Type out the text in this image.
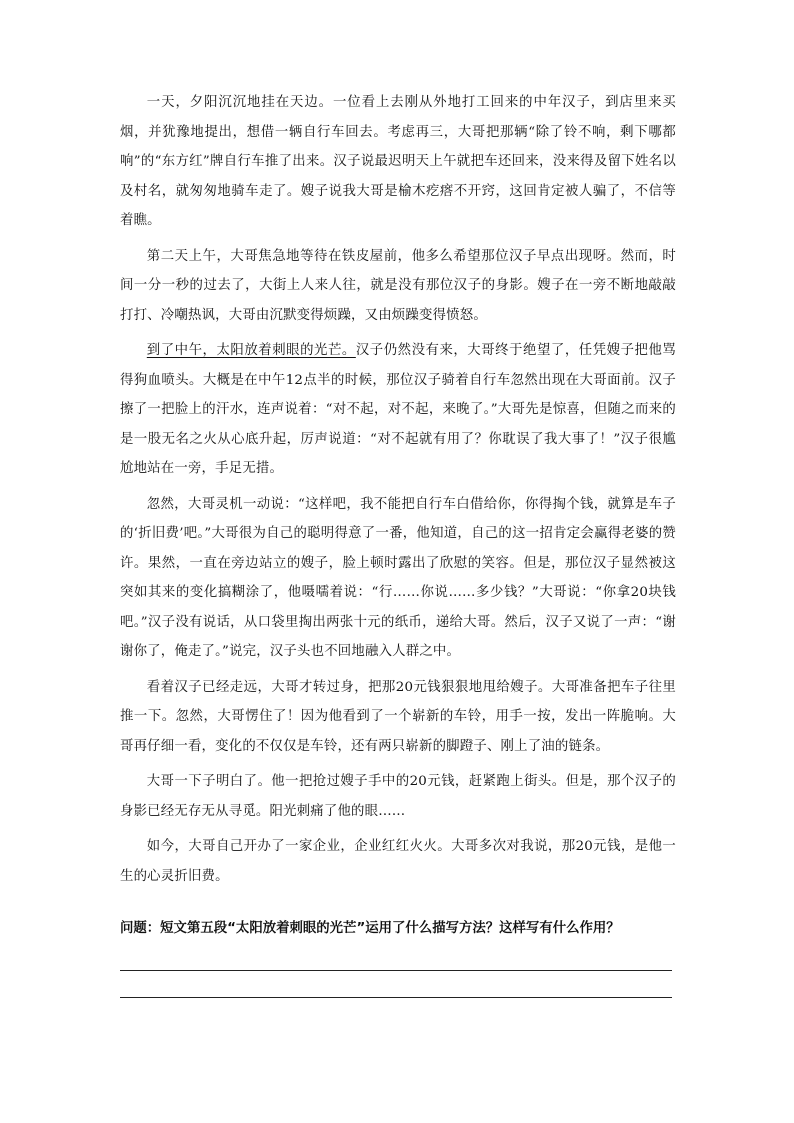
一天，夕阳沉沉地挂在天边。一位看上去刚从外地打工回来的中年汉子，到店里来买烟，并犹豫地提出，想借一辆自行车回去。考虑再三，大哥把那辆“除了铃不响，剩下哪都响”的“东方红”牌自行车推了出来。汉子说最迟明天上午就把车还回来，没来得及留下姓名以及村名，就匆匆地骑车走了。嫂子说我大哥是榆木疙瘩不开窍，这回肯定被人骗了，不信等着瞧。

第二天上午，大哥焦急地等待在铁皮屋前，他多么希望那位汉子早点出现呀。然而，时间一分一秒的过去了，大街上人来人往，就是没有那位汉子的身影。嫂子在一旁不断地敲敲打打、冷嘲热讽，大哥由沉默变得烦躁，又由烦躁变得愤怒。

到了中午，太阳放着刺眼的光芒。汉子仍然没有来，大哥终于绝望了，任凭嫂子把他骂得狗血喷头。大概是在中午12点半的时候，那位汉子骑着自行车忽然出现在大哥面前。汉子擦了一把脸上的汗水，连声说着：“对不起，对不起，来晚了。”大哥先是惊喜，但随之而来的是一股无名之火从心底升起，厉声说道：“对不起就有用了？你耽误了我大事了！”汉子很尴尬地站在一旁，手足无措。

忽然，大哥灵机一动说：“这样吧，我不能把自行车白借给你，你得掏个钱，就算是车子的‘折旧费’吧。”大哥很为自己的聪明得意了一番，他知道，自己的这一招肯定会赢得老婆的赞许。果然，一直在旁边站立的嫂子，脸上顿时露出了欣慰的笑容。但是，那位汉子显然被这突如其来的变化搞糊涂了，他嗫嚅着说：“行……你说……多少钱？”大哥说：“你拿20块钱吧。”汉子没有说话，从口袋里掏出两张十元的纸币，递给大哥。然后，汉子又说了一声：“谢谢你了，俺走了。”说完，汉子头也不回地融入人群之中。

看着汉子已经走远，大哥才转过身，把那20元钱狠狠地甩给嫂子。大哥准备把车子往里推一下。忽然，大哥愣住了！因为他看到了一个崭新的车铃，用手一按，发出一阵脆响。大哥再仔细一看，变化的不仅仅是车铃，还有两只崭新的脚蹬子、刚上了油的链条。

大哥一下子明白了。他一把抢过嫂子手中的20元钱，赶紧跑上街头。但是，那个汉子的身影已经无存无从寻觅。阳光刺痛了他的眼……

如今，大哥自己开办了一家企业，企业红红火火。大哥多次对我说，那20元钱，是他一生的心灵折旧费。

问题：短文第五段“太阳放着刺眼的光芒”运用了什么描写方法？这样写有什么作用？
